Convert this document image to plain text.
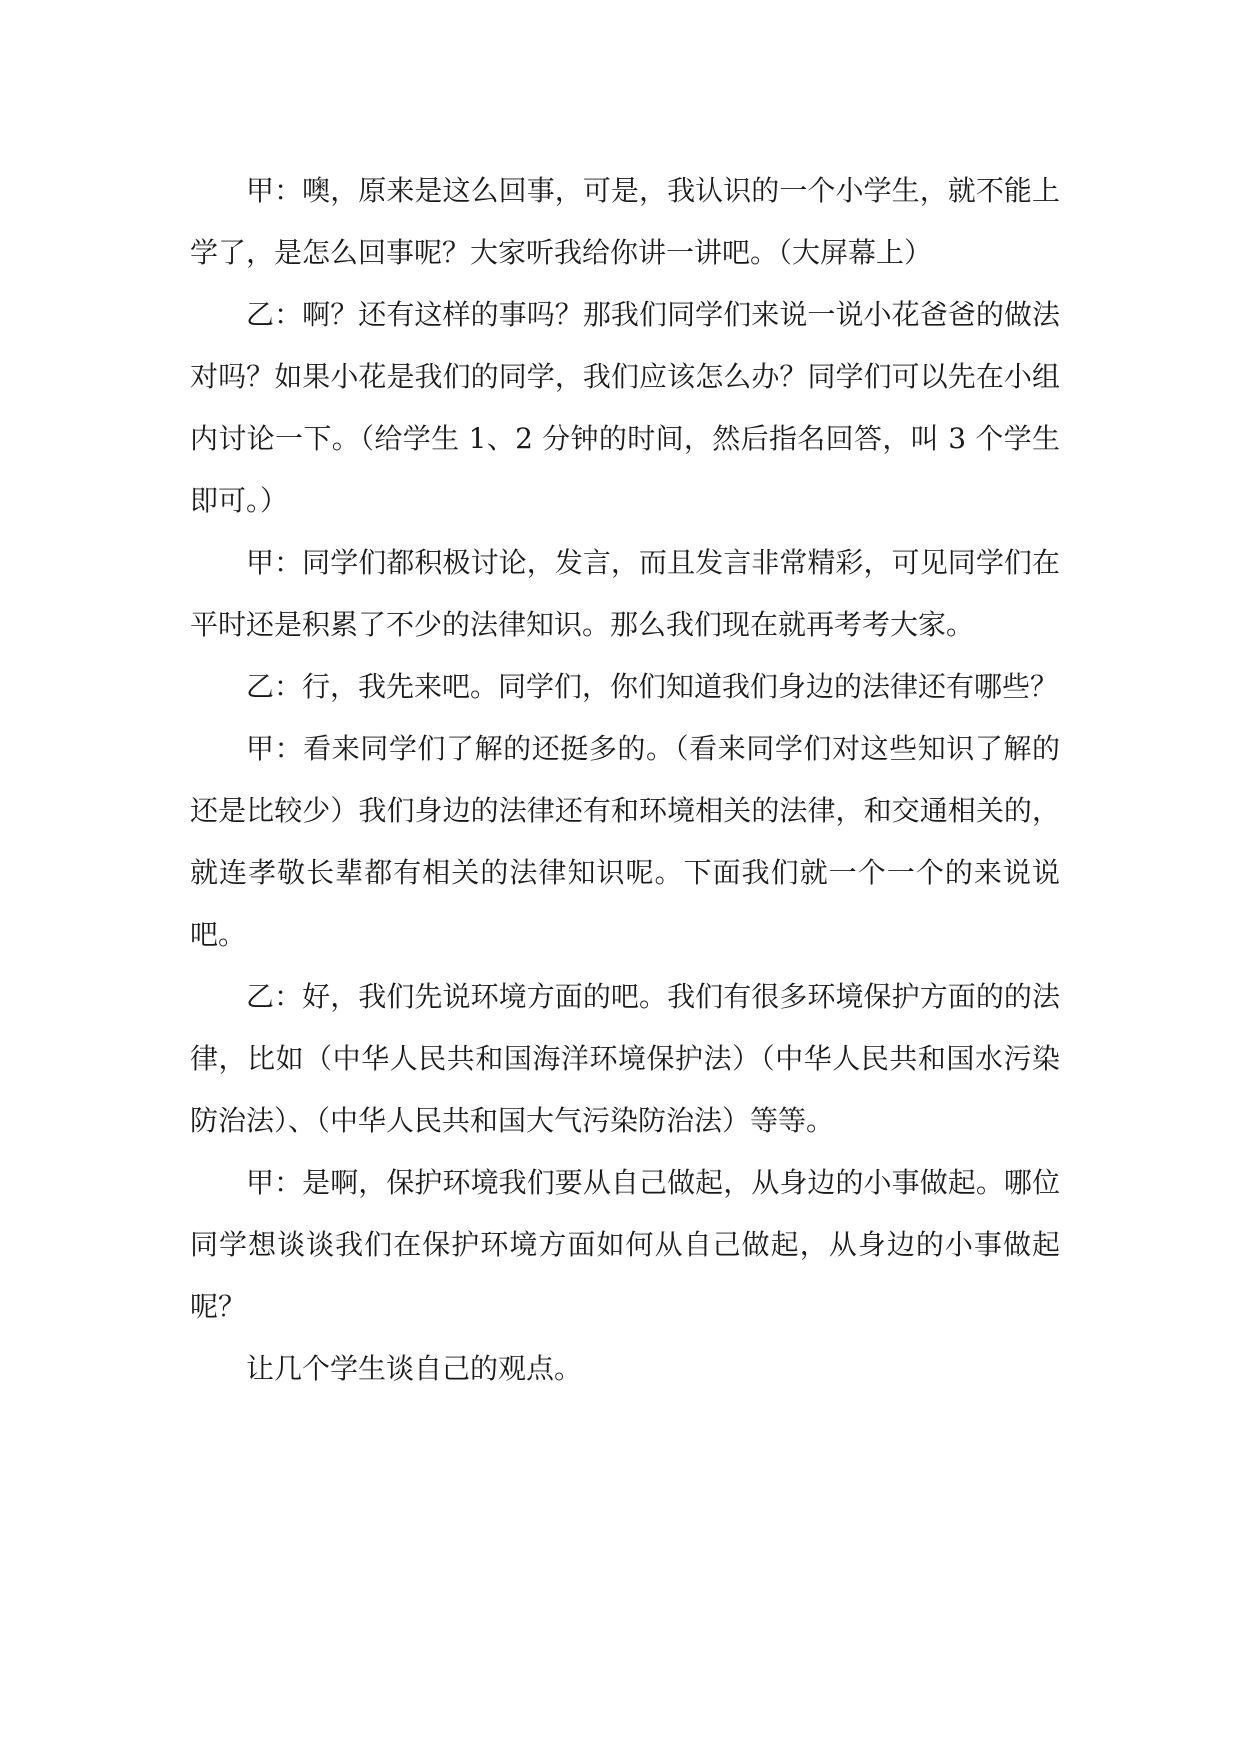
甲：噢，原来是这么回事，可是，我认识的一个小学生，就不能上学了，是怎么回事呢？大家听我给你讲一讲吧。（大屏幕上）

乙：啊？还有这样的事吗？那我们同学们来说一说小花爸爸的做法对吗？如果小花是我们的同学，我们应该怎么办？同学们可以先在小组内讨论一下。（给学生 1、2 分钟的时间，然后指名回答，叫 3 个学生即可。）

甲：同学们都积极讨论，发言，而且发言非常精彩，可见同学们在平时还是积累了不少的法律知识。那么我们现在就再考考大家。

乙：行，我先来吧。同学们，你们知道我们身边的法律还有哪些？

甲：看来同学们了解的还挺多的。（看来同学们对这些知识了解的还是比较少）我们身边的法律还有和环境相关的法律，和交通相关的，就连孝敬长辈都有相关的法律知识呢。下面我们就一个一个的来说说吧。

乙：好，我们先说环境方面的吧。我们有很多环境保护方面的的法律，比如（中华人民共和国海洋环境保护法）（中华人民共和国水污染防治法）、（中华人民共和国大气污染防治法）等等。

甲：是啊，保护环境我们要从自己做起，从身边的小事做起。哪位同学想谈谈我们在保护环境方面如何从自己做起，从身边的小事做起呢？

让几个学生谈自己的观点。
